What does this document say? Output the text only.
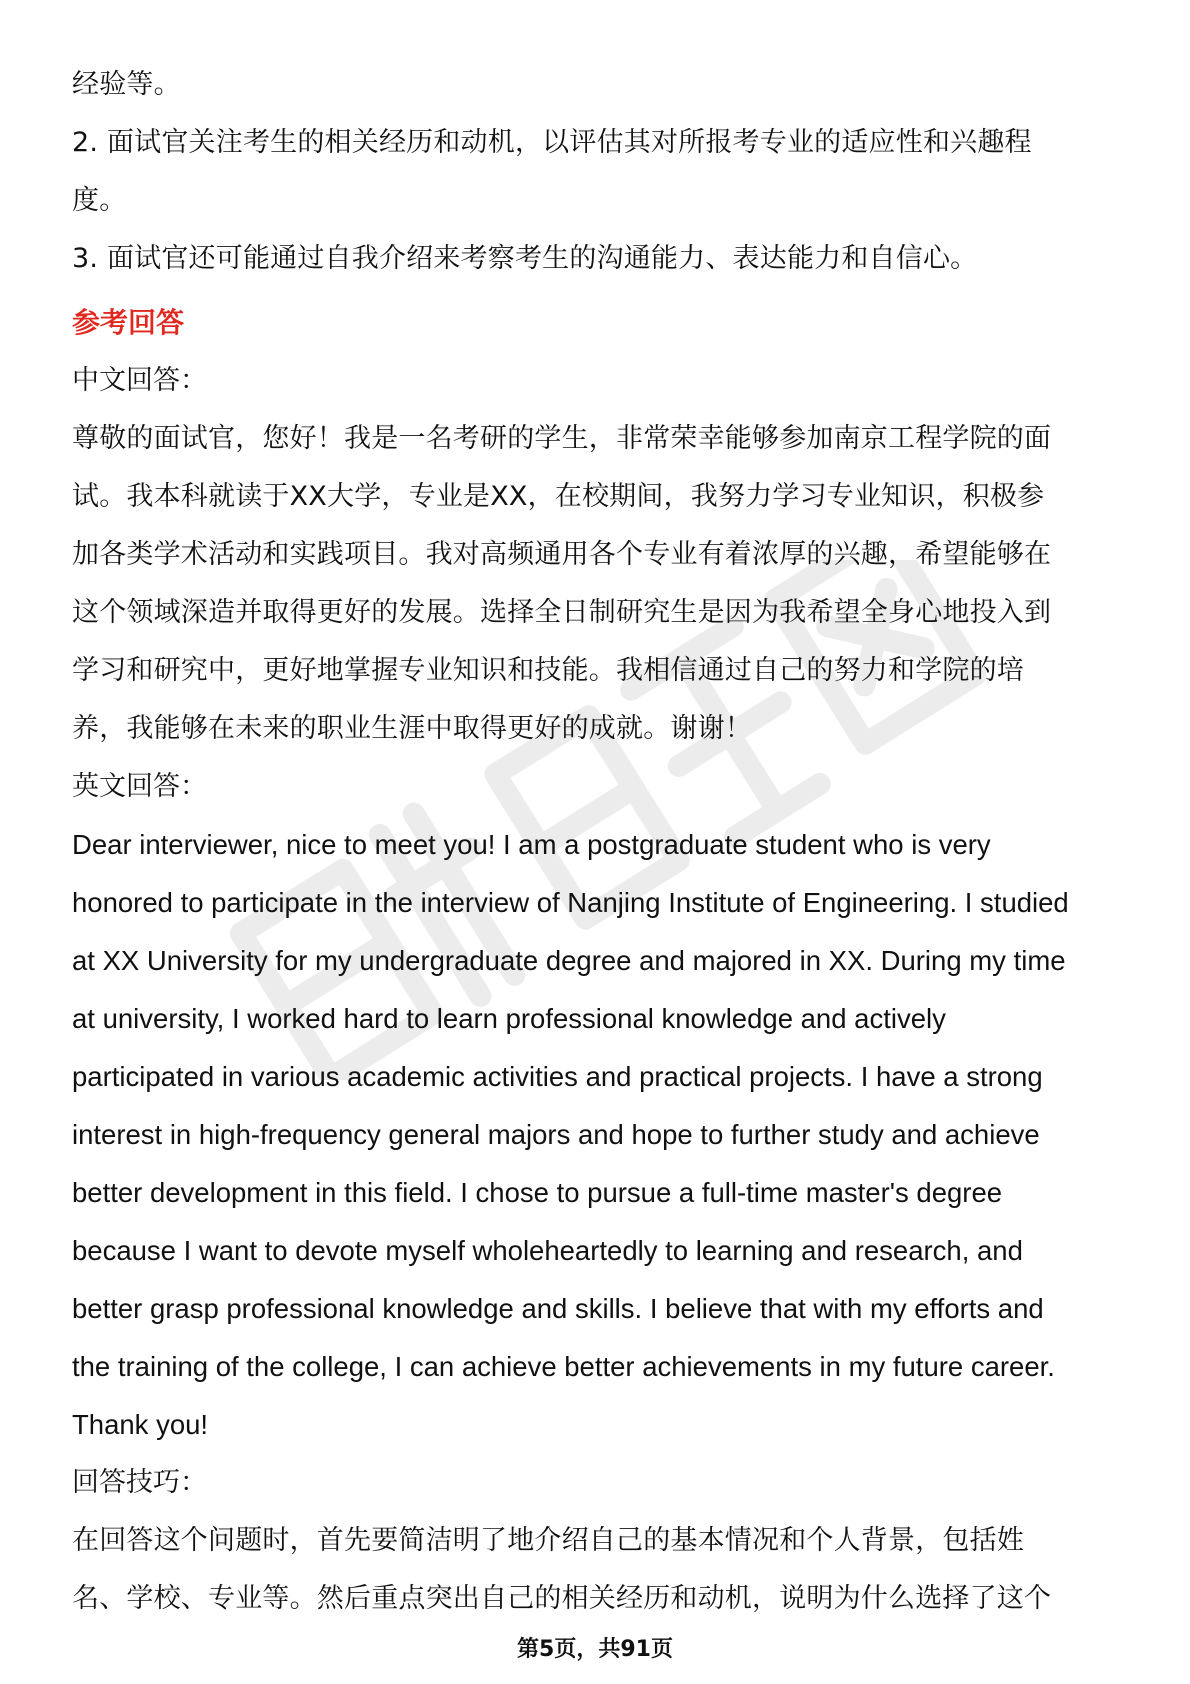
经验等。
2. 面试官关注考生的相关经历和动机，以评估其对所报考专业的适应性和兴趣程
度。
3. 面试官还可能通过自我介绍来考察考生的沟通能力、表达能力和自信心。
参考回答
中文回答：
尊敬的面试官，您好！我是一名考研的学生，非常荣幸能够参加南京工程学院的面
试。我本科就读于XX大学，专业是XX，在校期间，我努力学习专业知识，积极参
加各类学术活动和实践项目。我对高频通用各个专业有着浓厚的兴趣，希望能够在
这个领域深造并取得更好的发展。选择全日制研究生是因为我希望全身心地投入到
学习和研究中，更好地掌握专业知识和技能。我相信通过自己的努力和学院的培
养，我能够在未来的职业生涯中取得更好的成就。谢谢！
英文回答：
Dear interviewer, nice to meet you! I am a postgraduate student who is very
honored to participate in the interview of Nanjing Institute of Engineering. I studied
at XX University for my undergraduate degree and majored in XX. During my time
at university, I worked hard to learn professional knowledge and actively
participated in various academic activities and practical projects. I have a strong
interest in high-frequency general majors and hope to further study and achieve
better development in this field. I chose to pursue a full-time master's degree
because I want to devote myself wholeheartedly to learning and research, and
better grasp professional knowledge and skills. I believe that with my efforts and
the training of the college, I can achieve better achievements in my future career.
Thank you!
回答技巧：
在回答这个问题时，首先要简洁明了地介绍自己的基本情况和个人背景，包括姓
名、学校、专业等。然后重点突出自己的相关经历和动机，说明为什么选择了这个
第5页，共91页
